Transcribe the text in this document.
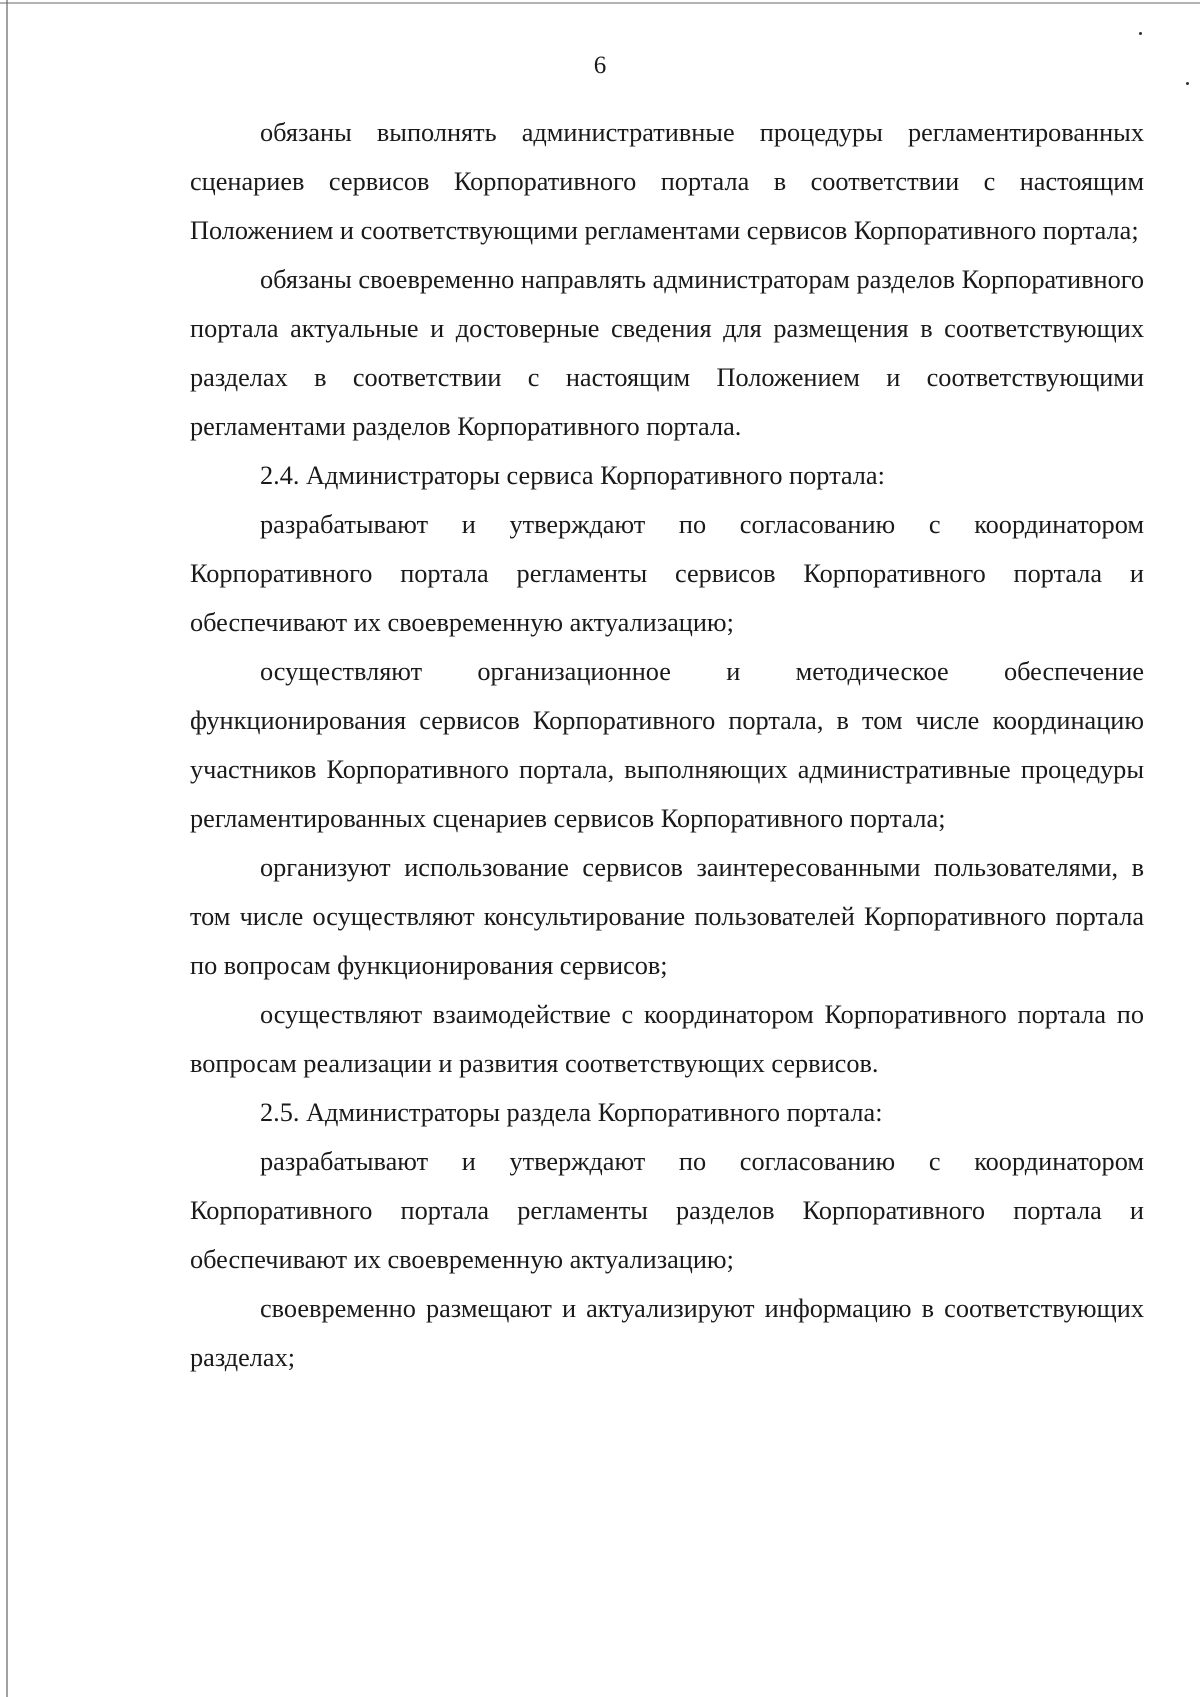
6

обязаны выполнять административные процедуры регламентированных сценариев сервисов Корпоративного портала в соответствии с настоящим Положением и соответствующими регламентами сервисов Корпоративного портала;

обязаны своевременно направлять администраторам разделов Корпоративного портала актуальные и достоверные сведения для размещения в соответствующих разделах в соответствии с настоящим Положением и соответствующими регламентами разделов Корпоративного портала.

2.4. Администраторы сервиса Корпоративного портала:

разрабатывают и утверждают по согласованию с координатором Корпоративного портала регламенты сервисов Корпоративного портала и обеспечивают их своевременную актуализацию;

осуществляют организационное и методическое обеспечение функционирования сервисов Корпоративного портала, в том числе координацию участников Корпоративного портала, выполняющих административные процедуры регламентированных сценариев сервисов Корпоративного портала;

организуют использование сервисов заинтересованными пользователями, в том числе осуществляют консультирование пользователей Корпоративного портала по вопросам функционирования сервисов;

осуществляют взаимодействие с координатором Корпоративного портала по вопросам реализации и развития соответствующих сервисов.

2.5. Администраторы раздела Корпоративного портала:

разрабатывают и утверждают по согласованию с координатором Корпоративного портала регламенты разделов Корпоративного портала и обеспечивают их своевременную актуализацию;

своевременно размещают и актуализируют информацию в соответствующих разделах;
